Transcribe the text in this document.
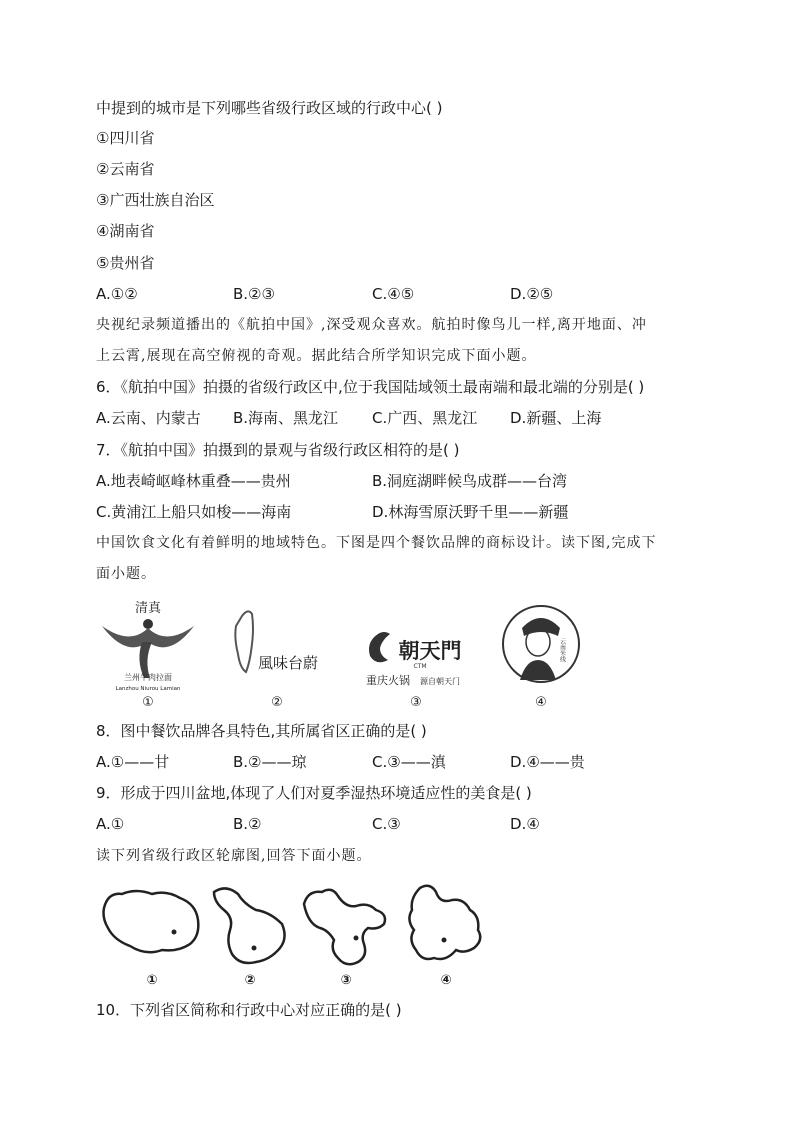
中提到的城市是下列哪些省级行政区域的行政中心( )
①四川省
②云南省
③广西壮族自治区
④湖南省
⑤贵州省
A.①②	B.②③	C.④⑤	D.②⑤
央视纪录频道播出的《航拍中国》,深受观众喜欢。航拍时像鸟儿一样,离开地面、冲
上云霄,展现在高空俯视的奇观。据此结合所学知识完成下面小题。
6．《航拍中国》拍摄的省级行政区中,位于我国陆域领土最南端和最北端的分别是( )
A.云南、内蒙古 B.海南、黑龙江 C.广西、黑龙江 D.新疆、上海
7．《航拍中国》拍摄到的景观与省级行政区相符的是( )
A.地表崎岖峰林重叠——贵州	B.洞庭湖畔候鸟成群——台湾
C.黄浦江上船只如梭——海南	D.林海雪原沃野千里——新疆
中国饮食文化有着鲜明的地域特色。下图是四个餐饮品牌的商标设计。读下图,完成下
面小题。
清真
兰州牛肉拉面
Lanzhou Niurou Lamian
①
風味台蔚
②
朝天門
CTM
重庆火锅 源自朝天门
③
云南米线
④
8．图中餐饮品牌各具特色,其所属省区正确的是( )
A.①——甘	B.②——琼	C.③——滇	D.④——贵
9．形成于四川盆地,体现了人们对夏季湿热环境适应性的美食是( )
A.①	B.②	C.③	D.④
读下列省级行政区轮廓图,回答下面小题。
①	②	③	④
10．下列省区简称和行政中心对应正确的是( )
